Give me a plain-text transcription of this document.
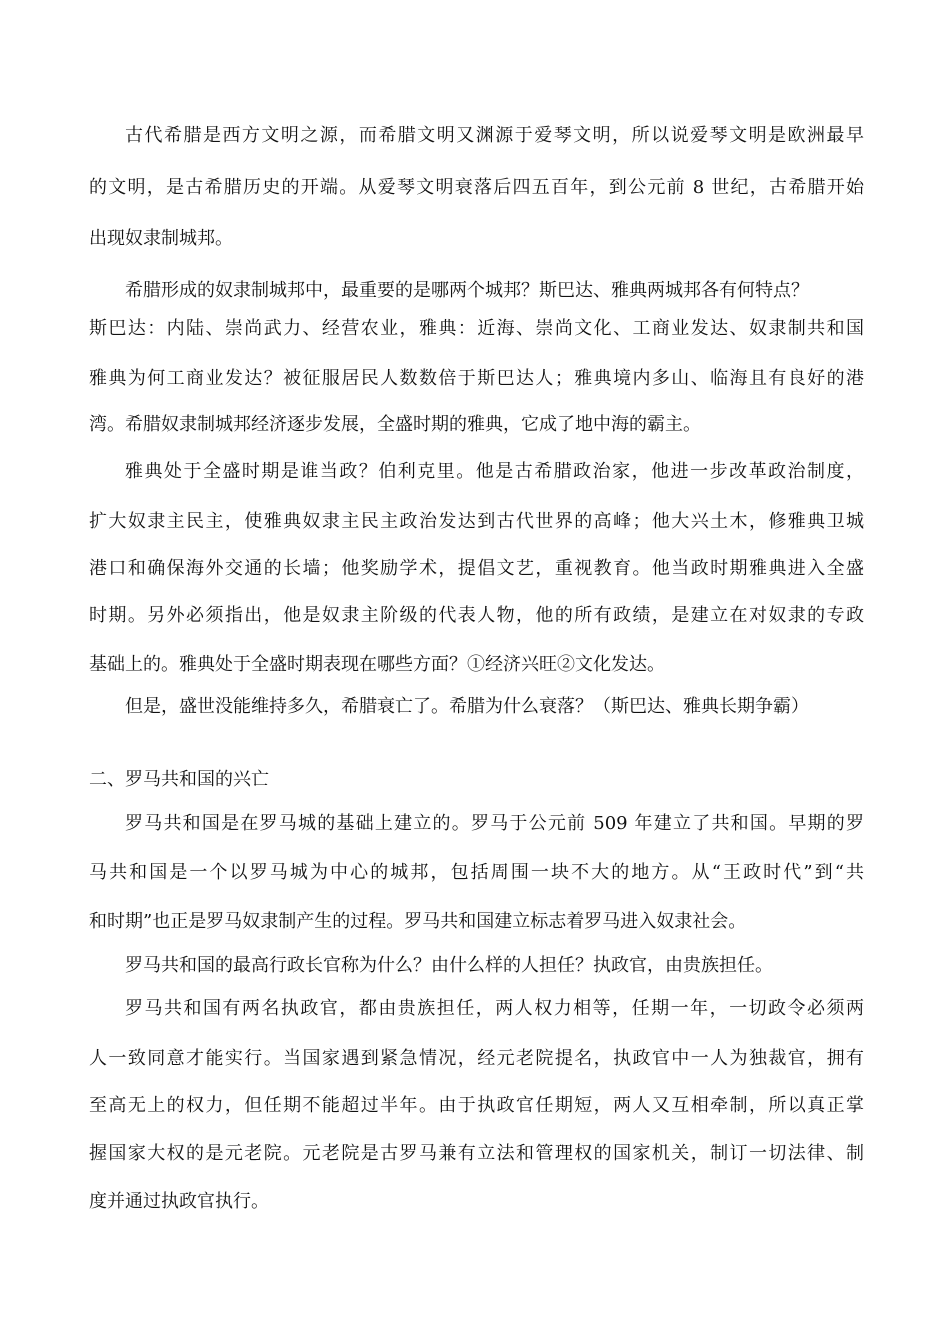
古代希腊是西方文明之源，而希腊文明又渊源于爱琴文明，所以说爱琴文明是欧洲最早
的文明，是古希腊历史的开端。从爱琴文明衰落后四五百年，到公元前 8 世纪，古希腊开始
出现奴隶制城邦。
希腊形成的奴隶制城邦中，最重要的是哪两个城邦？斯巴达、雅典两城邦各有何特点？
斯巴达：内陆、崇尚武力、经营农业，雅典：近海、崇尚文化、工商业发达、奴隶制共和国
雅典为何工商业发达？被征服居民人数数倍于斯巴达人；雅典境内多山、临海且有良好的港
湾。希腊奴隶制城邦经济逐步发展，全盛时期的雅典，它成了地中海的霸主。
雅典处于全盛时期是谁当政？伯利克里。他是古希腊政治家，他进一步改革政治制度，
扩大奴隶主民主，使雅典奴隶主民主政治发达到古代世界的高峰；他大兴土木，修雅典卫城
港口和确保海外交通的长墙；他奖励学术，提倡文艺，重视教育。他当政时期雅典进入全盛
时期。另外必须指出，他是奴隶主阶级的代表人物，他的所有政绩，是建立在对奴隶的专政
基础上的。雅典处于全盛时期表现在哪些方面？①经济兴旺②文化发达。
但是，盛世没能维持多久，希腊衰亡了。希腊为什么衰落？（斯巴达、雅典长期争霸）
二、罗马共和国的兴亡
罗马共和国是在罗马城的基础上建立的。罗马于公元前 509 年建立了共和国。早期的罗
马共和国是一个以罗马城为中心的城邦，包括周围一块不大的地方。从“王政时代”到“共
和时期”也正是罗马奴隶制产生的过程。罗马共和国建立标志着罗马进入奴隶社会。
罗马共和国的最高行政长官称为什么？由什么样的人担任？执政官，由贵族担任。
罗马共和国有两名执政官，都由贵族担任，两人权力相等，任期一年，一切政令必须两
人一致同意才能实行。当国家遇到紧急情况，经元老院提名，执政官中一人为独裁官，拥有
至高无上的权力，但任期不能超过半年。由于执政官任期短，两人又互相牵制，所以真正掌
握国家大权的是元老院。元老院是古罗马兼有立法和管理权的国家机关，制订一切法律、制
度并通过执政官执行。
